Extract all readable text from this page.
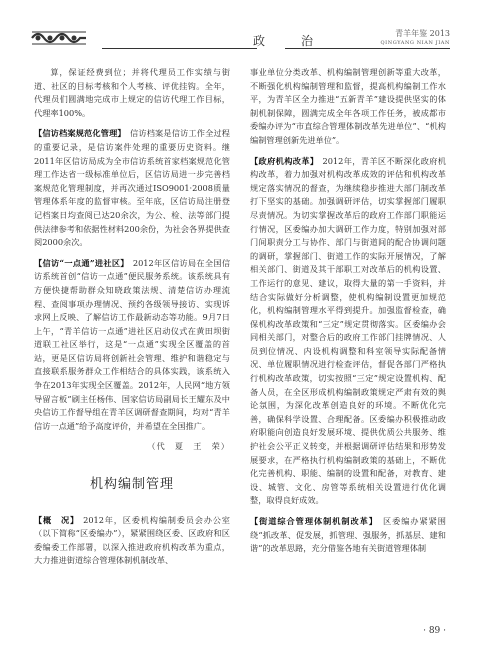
政　治
青羊年鉴 2013
QINGYANG NIAN JIAN

算，保证经费到位；并将代理员工作实绩与街道、社区的目标考核和个人考核、评优挂钩。全年，代理员们圆满地完成市上规定的信访代理工作目标，代理率100%。

【信访档案规范化管理】  信访档案是信访工作全过程的重要记录，是信访案件处理的重要历史资料。继2011年区信访局成为全市信访系统首家档案规范化管理工作达省一级标准单位后，区信访局进一步完善档案规范化管理制度，并再次通过ISO9001·2008质量管理体系年度的监督审核。至年底，区信访局注册登记档案日均查阅已达20余次，为公、检、法等部门提供法律参考和依据性材料200余份，为社会各界提供查阅2000余次。

【信访“一点通”进社区】  2012年区信访局在全国信访系统首创“信访一点通”便民服务系统。该系统具有方便快捷帮助群众知晓政策法规、清楚信访办理流程、查阅事项办理情况、预约各级领导接访、实现诉求网上反映、了解信访工作最新动态等功能。9月7日上午，“青羊信访一点通”进社区启动仪式在黄田坝街道联工社区举行，这是“一点通”实现全区覆盖的首站，更是区信访局将创新社会管理、维护和谐稳定与直接联系服务群众工作相结合的具体实践，该系统入争在2013年实现全区覆盖。2012年，人民网“地方领导留言板”刷主任杨伟、国家信访局副局长王耀东及中央信访工作督导组在青羊区调研督查期间，均对“青羊信访一点通”给予高度评价，并希望在全国推广。

（代　夏　王　荣）

机构编制管理

【概　况】  2012年，区委机构编制委员会办公室（以下简称“区委编办”），紧紧围绕区委、区政府和区委编委工作部署，以深入推进政府机构改革为重点，大力推进街道综合管理体制机制改革、

事业单位分类改革、机构编制管理创新等重大改革，不断强化机构编制管理和监督，提高机构编制工作水平，为青羊区全力推进“五新青羊”建设提供坚实的体制机制保障，圆满完成全年各项工作任务，被成都市委编办评为“市直综合管理体制改革先进单位”、“机构编制管理创新先进单位”。

【政府机构改革】  2012年，青羊区不断深化政府机构改革，着力加强对机构改革成效的评估和机构改革规定落实情况的督查，为继续稳步推进大部门制改革打下坚实的基础。加强调研评估，切实掌握部门履职尽责情况。为切实掌握改革后的政府工作部门职能运行情况，区委编办加大调研工作力度，特别加强对部门间职责分工与协作、部门与街道间的配合协调问题的调研，掌握部门、街道工作的实际开展情况，了解相关部门、街道及其干部职工对改革后的机构设置、工作运行的意见、建议，取得大量的第一手资料，并结合实际做好分析调整，使机构编制设置更加规范化，机构编制管理水平得到提升。加强监督检查，确保机构改革政策和“三定”规定贯彻落实。区委编办会同相关部门，对整合后的政府工作部门挂牌情况、人员到位情况、内设机构调整和科室领导实际配备情况、单位履职情况进行检查评估，督促各部门严格执行机构改革政策，切实按照“三定”规定设置机构、配备人员，在全区形成机构编制政策规定严肃有效的舆论氛围，为深化改革创造良好的环境。不断优化完善，确保科学设置、合理配备。区委编办积极推动政府职能向创造良好发展环境、提供优质公共服务、维护社会公平正义转变，并根据调研评估结果和形势发展要求，在严格执行机构编制政策的基础上，不断优化完善机构、职能、编制的设置和配备，对教育、建设、城管、文化、房管等系统相关设置进行优化调整，取得良好成效。

【街道综合管理体制机制改革】  区委编办紧紧围绕“抓改革、促发展，抓管理、强服务，抓基层、建和谐”的改革思路，充分借鉴各地有关街道管理体制

· 89 ·
